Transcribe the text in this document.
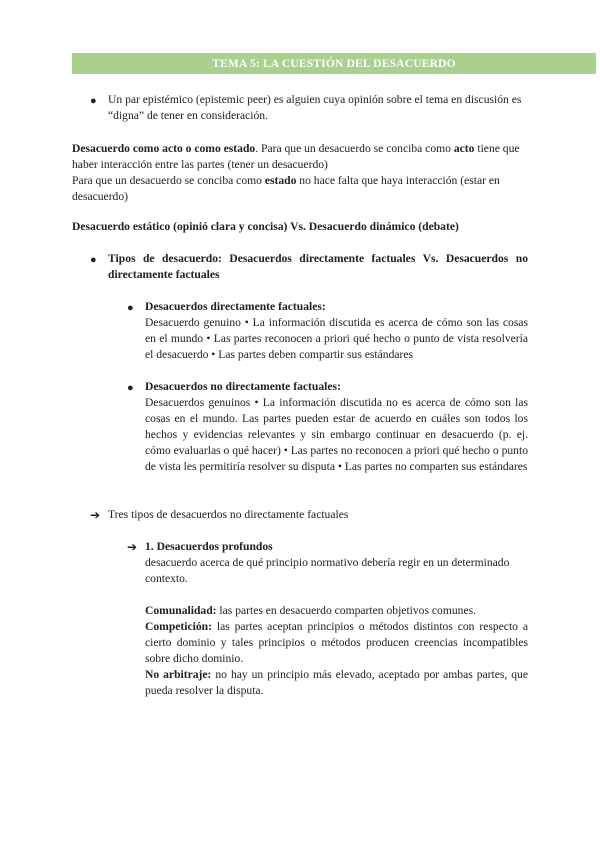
TEMA 5: LA CUESTIÓN DEL DESACUERDO
● Un par epistémico (epistemic peer) es alguien cuya opinión sobre el tema en discusión es “digna” de tener en consideración.

Desacuerdo como acto o como estado. Para que un desacuerdo se conciba como acto tiene que haber interacción entre las partes (tener un desacuerdo)
Para que un desacuerdo se conciba como estado no hace falta que haya interacción (estar en desacuerdo)

Desacuerdo estático (opinió clara y concisa) Vs. Desacuerdo dinámico (debate)

● Tipos de desacuerdo: Desacuerdos directamente factuales Vs. Desacuerdos no directamente factuales

● Desacuerdos directamente factuales:
Desacuerdo genuino • La información discutida es acerca de cómo son las cosas en el mundo • Las partes reconocen a priori qué hecho o punto de vista resolvería el desacuerdo • Las partes deben compartir sus estándares
● Desacuerdos no directamente factuales:
Desacuerdos genuinos • La información discutida no es acerca de cómo son las cosas en el mundo. Las partes pueden estar de acuerdo en cuáles son todos los hechos y evidencias relevantes y sin embargo continuar en desacuerdo (p. ej. cómo evaluarlas o qué hacer) • Las partes no reconocen a priori qué hecho o punto de vista les permitiría resolver su disputa • Las partes no comparten sus estándares
➔ Tres tipos de desacuerdos no directamente factuales

➔ 1. Desacuerdos profundos
desacuerdo acerca de qué principio normativo debería regir en un determinado contexto.
Comunalidad: las partes en desacuerdo comparten objetivos comunes.
Competición: las partes aceptan principios o métodos distintos con respecto a cierto dominio y tales principios o métodos producen creencias incompatibles sobre dicho dominio.
No arbitraje: no hay un principio más elevado, aceptado por ambas partes, que pueda resolver la disputa.
